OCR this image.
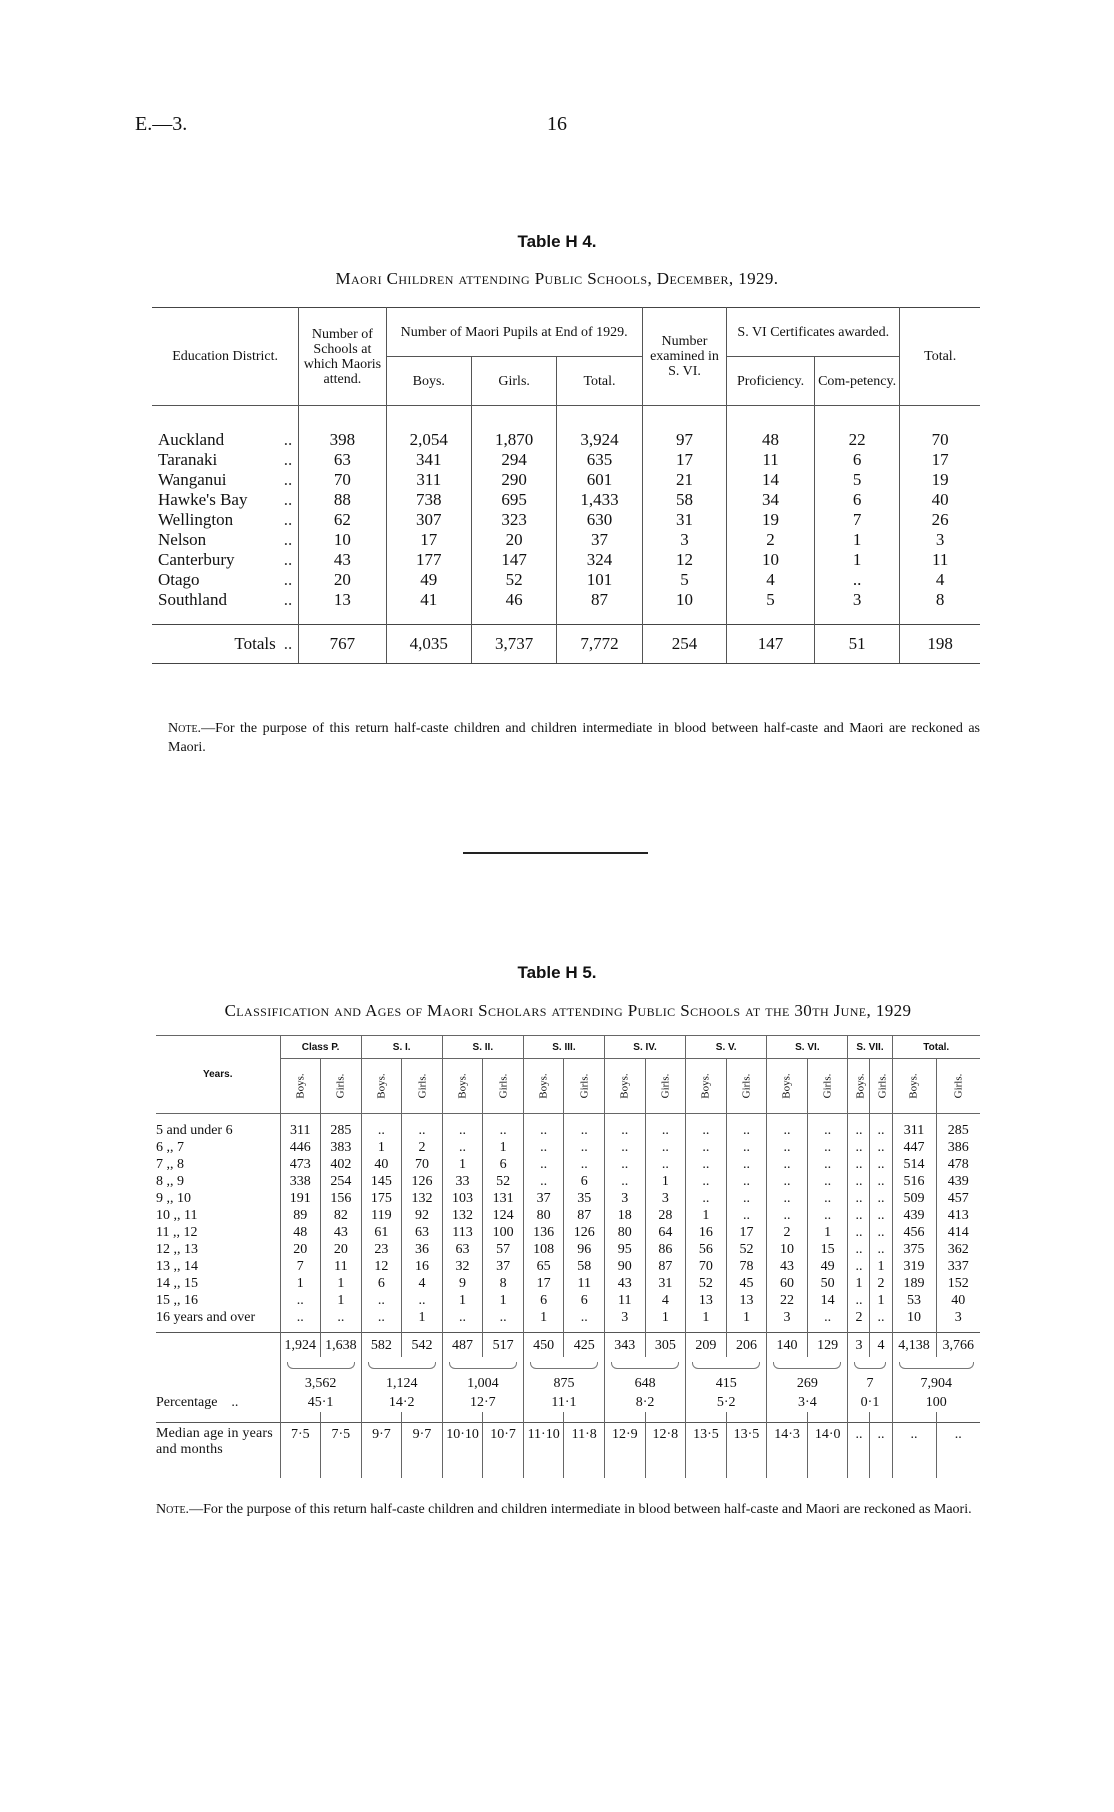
E.—3.	16
Table H 4.
Maori Children attending Public Schools, December, 1929.
Education District.	Number of Schools at which Maoris attend.	Number of Maori Pupils at End of 1929.			Number examined in S. VI.	S. VI Certificates awarded.		Total.
		Boys.	Girls.	Total.		Proficiency.	Com-petency.	

Auckland ..	398	2,054	1,870	3,924	97	48	22	70
Taranaki ..	63	341	294	635	17	11	6	17
Wanganui ..	70	311	290	601	21	14	5	19
Hawke's Bay ..	88	738	695	1,433	58	34	6	40
Wellington ..	62	307	323	630	31	19	7	26
Nelson ..	10	17	20	37	3	2	1	3
Canterbury ..	43	177	147	324	12	10	1	11
Otago ..	20	49	52	101	5	4	..	4
Southland ..	13	41	46	87	10	5	3	8

Totals ..	767	4,035	3,737	7,772	254	147	51	198
Note.—For the purpose of this return half-caste children and children intermediate in blood between half-caste and Maori are reckoned as Maori.
Table H 5.
Classification and Ages of Maori Scholars attending Public Schools at the 30th June, 1929
Years.	Class P.		S. I.		S. II.		S. III.		S. IV.		S. V.		S. VI.		S. VII.		Total.	
	Boys.	Girls.	Boys.	Girls.	Boys.	Girls.	Boys.	Girls.	Boys.	Girls.	Boys.	Girls.	Boys.	Girls.	Boys.	Girls.	Boys.	Girls.

5 and under 6	311	285	..	..	..	..	..	..	..	..	..	..	..	..	..	..	311	285
6 ,, 7	446	383	1	2	..	1	..	..	..	..	..	..	..	..	..	..	447	386
7 ,, 8	473	402	40	70	1	6	..	..	..	..	..	..	..	..	..	..	514	478
8 ,, 9	338	254	145	126	33	52	..	6	..	1	..	..	..	..	..	..	516	439
9 ,, 10	191	156	175	132	103	131	37	35	3	3	..	..	..	..	..	..	509	457
10 ,, 11	89	82	119	92	132	124	80	87	18	28	1	..	..	..	..	..	439	413
11 ,, 12	48	43	61	63	113	100	136	126	80	64	16	17	2	1	..	..	456	414
12 ,, 13	20	20	23	36	63	57	108	96	95	86	56	52	10	15	..	..	375	362
13 ,, 14	7	11	12	16	32	37	65	58	90	87	70	78	43	49	..	1	319	337
14 ,, 15	1	1	6	4	9	8	17	11	43	31	52	45	60	50	1	2	189	152
15 ,, 16	..	1	..	..	1	1	6	6	11	4	13	13	22	14	..	1	53	40
16 years and over	..	..	..	1	..	..	1	..	3	1	1	1	3	..	2	..	10	3

	1,924	1,638	582	542	487	517	450	425	343	305	209	206	140	129	3	4	4,138	3,766

	3,562		1,124		1,004		875		648		415		269		7		7,904	
Percentage ..	45·1		14·2		12·7		11·1		8·2		5·2		3·4		0·1		100	

Median age in years and months	7·5	7·5	9·7	9·7	10·10	10·7	11·10	11·8	12·9	12·8	13·5	13·5	14·3	14·0	..	..	..	..
Note.—For the purpose of this return half-caste children and children intermediate in blood between half-caste and Maori are reckoned as Maori.
